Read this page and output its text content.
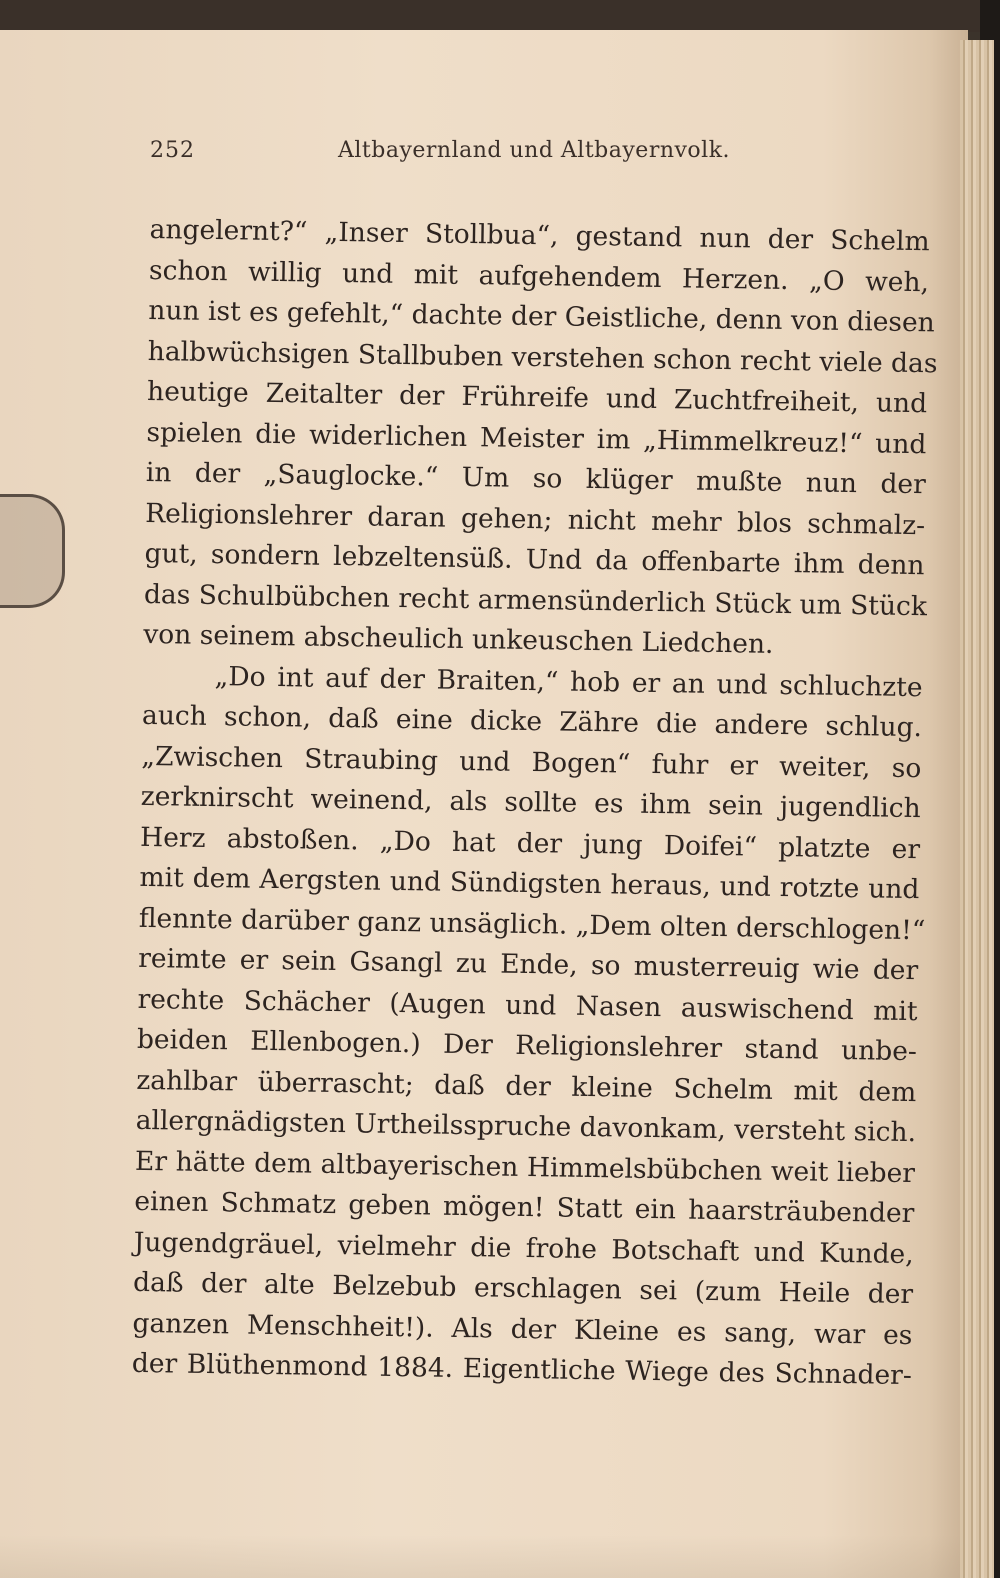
252	Altbayernland und Altbayernvolk.
angelernt?“ „Inser Stollbua“, gestand nun der Schelm
schon willig und mit aufgehendem Herzen. „O weh,
nun ist es gefehlt,“ dachte der Geistliche, denn von diesen
halbwüchsigen Stallbuben verstehen schon recht viele das
heutige Zeitalter der Frühreife und Zuchtfreiheit, und
spielen die widerlichen Meister im „Himmelkreuz!“ und
in der „Sauglocke.“ Um so klüger mußte nun der
Religionslehrer daran gehen; nicht mehr blos schmalz-
gut, sondern lebzeltensüß. Und da offenbarte ihm denn
das Schulbübchen recht armensünderlich Stück um Stück
von seinem abscheulich unkeuschen Liedchen.
„Do int auf der Braiten,“ hob er an und schluchzte
auch schon, daß eine dicke Zähre die andere schlug.
„Zwischen Straubing und Bogen“ fuhr er weiter, so
zerknirscht weinend, als sollte es ihm sein jugendlich
Herz abstoßen. „Do hat der jung Doifei“ platzte er
mit dem Aergsten und Sündigsten heraus, und rotzte und
flennte darüber ganz unsäglich. „Dem olten derschlogen!“
reimte er sein Gsangl zu Ende, so musterreuig wie der
rechte Schächer (Augen und Nasen auswischend mit
beiden Ellenbogen.) Der Religionslehrer stand unbe-
zahlbar überrascht; daß der kleine Schelm mit dem
allergnädigsten Urtheilsspruche davonkam, versteht sich.
Er hätte dem altbayerischen Himmelsbübchen weit lieber
einen Schmatz geben mögen! Statt ein haarsträubender
Jugendgräuel, vielmehr die frohe Botschaft und Kunde,
daß der alte Belzebub erschlagen sei (zum Heile der
ganzen Menschheit!). Als der Kleine es sang, war es
der Blüthenmond 1884. Eigentliche Wiege des Schnader-
